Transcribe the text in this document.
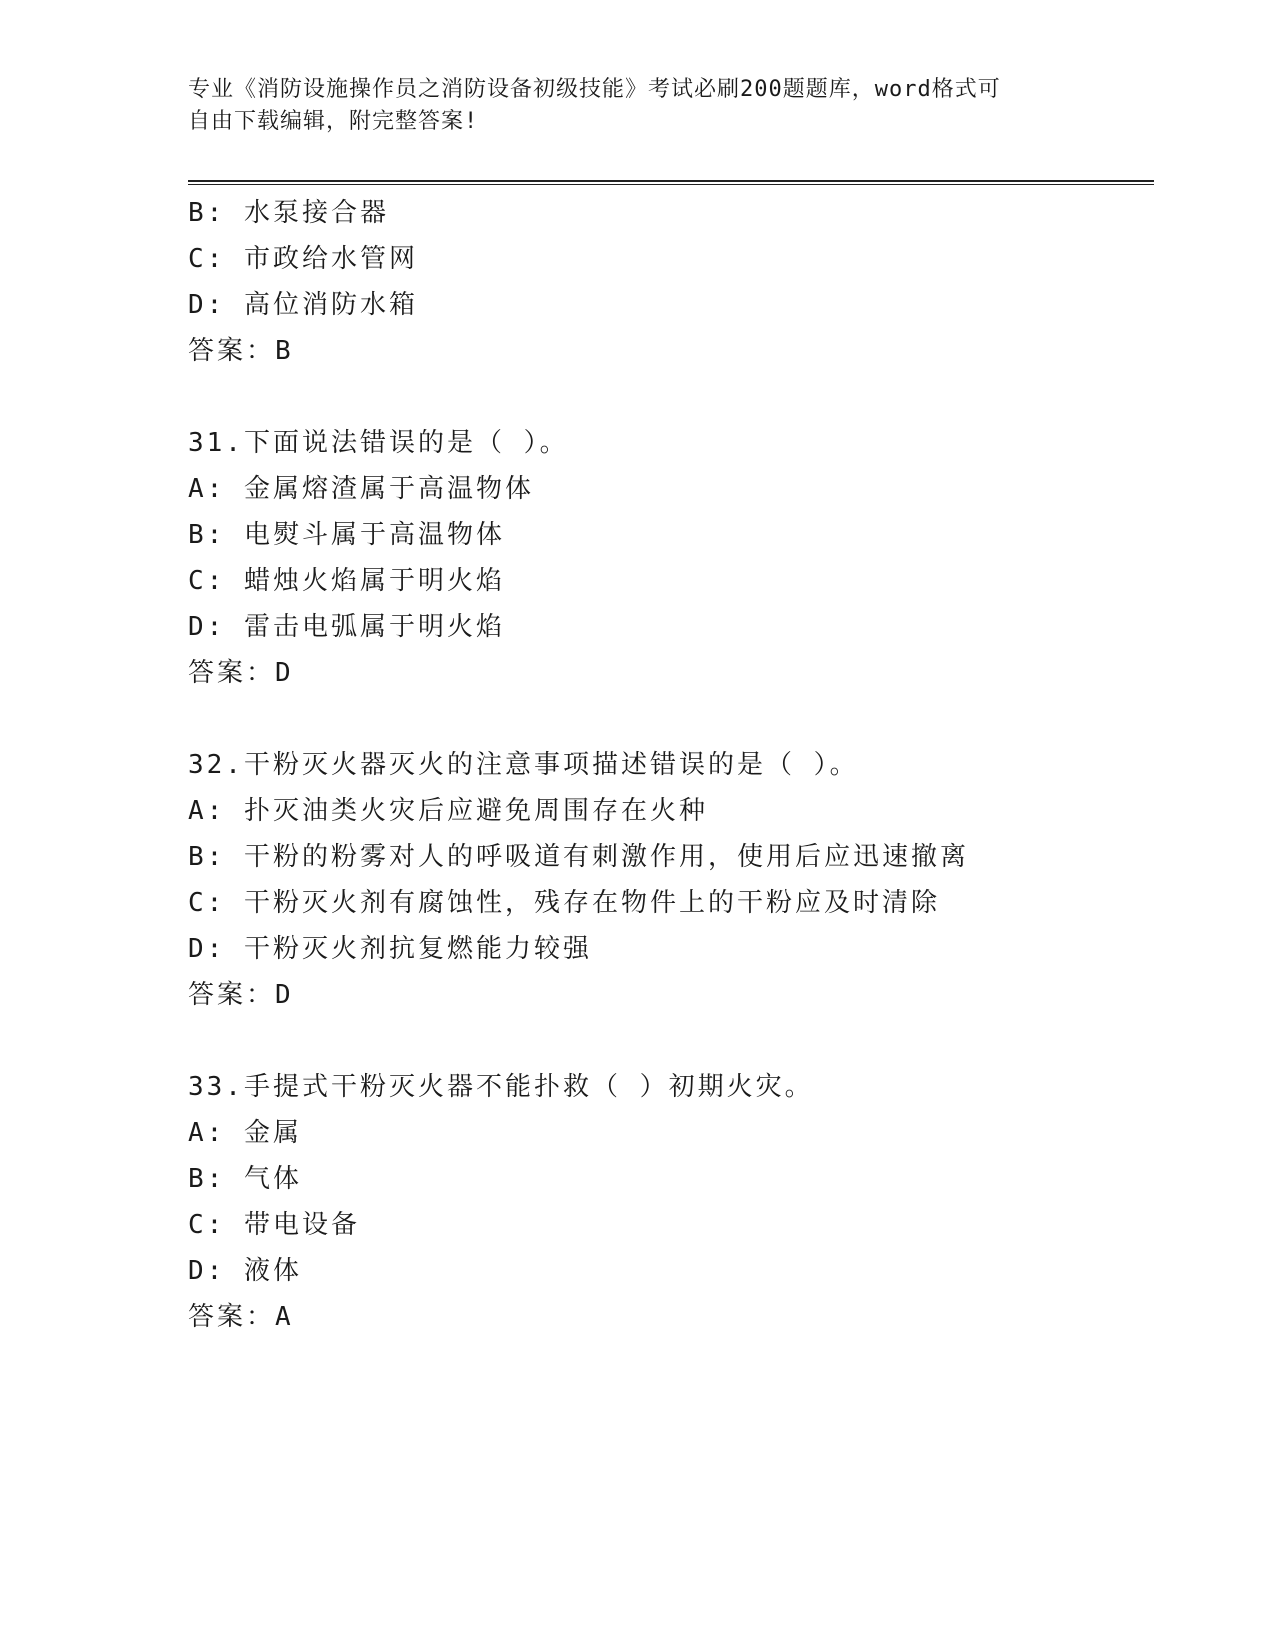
专业《消防设施操作员之消防设备初级技能》考试必刷200题题库，word格式可
自由下载编辑，附完整答案!
B: 水泵接合器
C: 市政给水管网
D: 高位消防水箱
答案：B
31.下面说法错误的是（ ）。
A: 金属熔渣属于高温物体
B: 电熨斗属于高温物体
C: 蜡烛火焰属于明火焰
D: 雷击电弧属于明火焰
答案：D
32.干粉灭火器灭火的注意事项描述错误的是（ ）。
A: 扑灭油类火灾后应避免周围存在火种
B: 干粉的粉雾对人的呼吸道有刺激作用，使用后应迅速撤离
C: 干粉灭火剂有腐蚀性，残存在物件上的干粉应及时清除
D: 干粉灭火剂抗复燃能力较强
答案：D
33.手提式干粉灭火器不能扑救（ ）初期火灾。
A: 金属
B: 气体
C: 带电设备
D: 液体
答案：A
